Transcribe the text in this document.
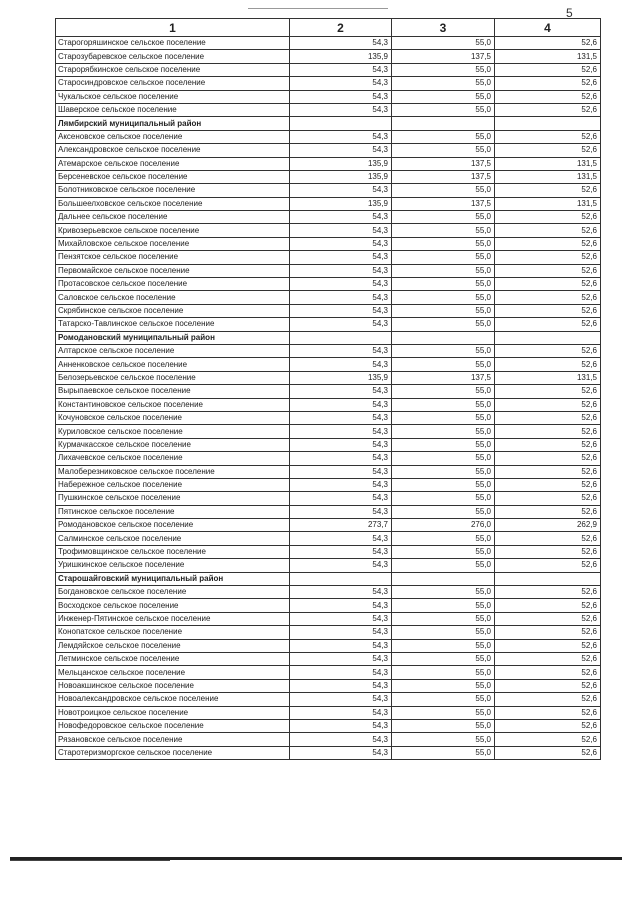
5
1	2	3	4
Старогоряшинское сельское поселение	54,3	55,0	52,6
Старозубаревское сельское поселение	135,9	137,5	131,5
Старорябкинское сельское поселение	54,3	55,0	52,6
Старосиндровское сельское поселение	54,3	55,0	52,6
Чукальское сельское поселение	54,3	55,0	52,6
Шаверское сельское поселение	54,3	55,0	52,6
Лямбирский муниципальный район			
Аксеновское сельское поселение	54,3	55,0	52,6
Александровское сельское поселение	54,3	55,0	52,6
Атемарское сельское поселение	135,9	137,5	131,5
Берсеневское сельское поселение	135,9	137,5	131,5
Болотниковское сельское поселение	54,3	55,0	52,6
Большеелховское сельское поселение	135,9	137,5	131,5
Дальнее сельское поселение	54,3	55,0	52,6
Кривозерьевское сельское поселение	54,3	55,0	52,6
Михайловское сельское поселение	54,3	55,0	52,6
Пензятское сельское поселение	54,3	55,0	52,6
Первомайское сельское поселение	54,3	55,0	52,6
Протасовское сельское поселение	54,3	55,0	52,6
Саловское сельское поселение	54,3	55,0	52,6
Скрябинское сельское поселение	54,3	55,0	52,6
Татарско-Тавлинское сельское поселение	54,3	55,0	52,6
Ромодановский муниципальный район			
Алтарское сельское поселение	54,3	55,0	52,6
Анненковское сельское поселение	54,3	55,0	52,6
Белозерьевское сельское поселение	135,9	137,5	131,5
Вырыпаевское сельское поселение	54,3	55,0	52,6
Константиновское сельское поселение	54,3	55,0	52,6
Кочуновское сельское поселение	54,3	55,0	52,6
Куриловское сельское поселение	54,3	55,0	52,6
Курмачкасское сельское поселение	54,3	55,0	52,6
Лихачевское сельское поселение	54,3	55,0	52,6
Малоберезниковское сельское поселение	54,3	55,0	52,6
Набережное сельское поселение	54,3	55,0	52,6
Пушкинское сельское поселение	54,3	55,0	52,6
Пятинское сельское поселение	54,3	55,0	52,6
Ромодановское сельское поселение	273,7	276,0	262,9
Салминское сельское поселение	54,3	55,0	52,6
Трофимовщинское сельское поселение	54,3	55,0	52,6
Уришкинское сельское поселение	54,3	55,0	52,6
Старошайговский муниципальный район			
Богдановское сельское поселение	54,3	55,0	52,6
Восходское сельское поселение	54,3	55,0	52,6
Инженер-Пятинское сельское поселение	54,3	55,0	52,6
Конопатское сельское поселение	54,3	55,0	52,6
Лемдяйское сельское поселение	54,3	55,0	52,6
Летминское сельское поселение	54,3	55,0	52,6
Мельцанское сельское поселение	54,3	55,0	52,6
Новоакшинское сельское поселение	54,3	55,0	52,6
Новоалександровское сельское поселение	54,3	55,0	52,6
Новотроицкое сельское поселение	54,3	55,0	52,6
Новофедоровское сельское поселение	54,3	55,0	52,6
Рязановское сельское поселение	54,3	55,0	52,6
Старотеризморгское сельское поселение	54,3	55,0	52,6
